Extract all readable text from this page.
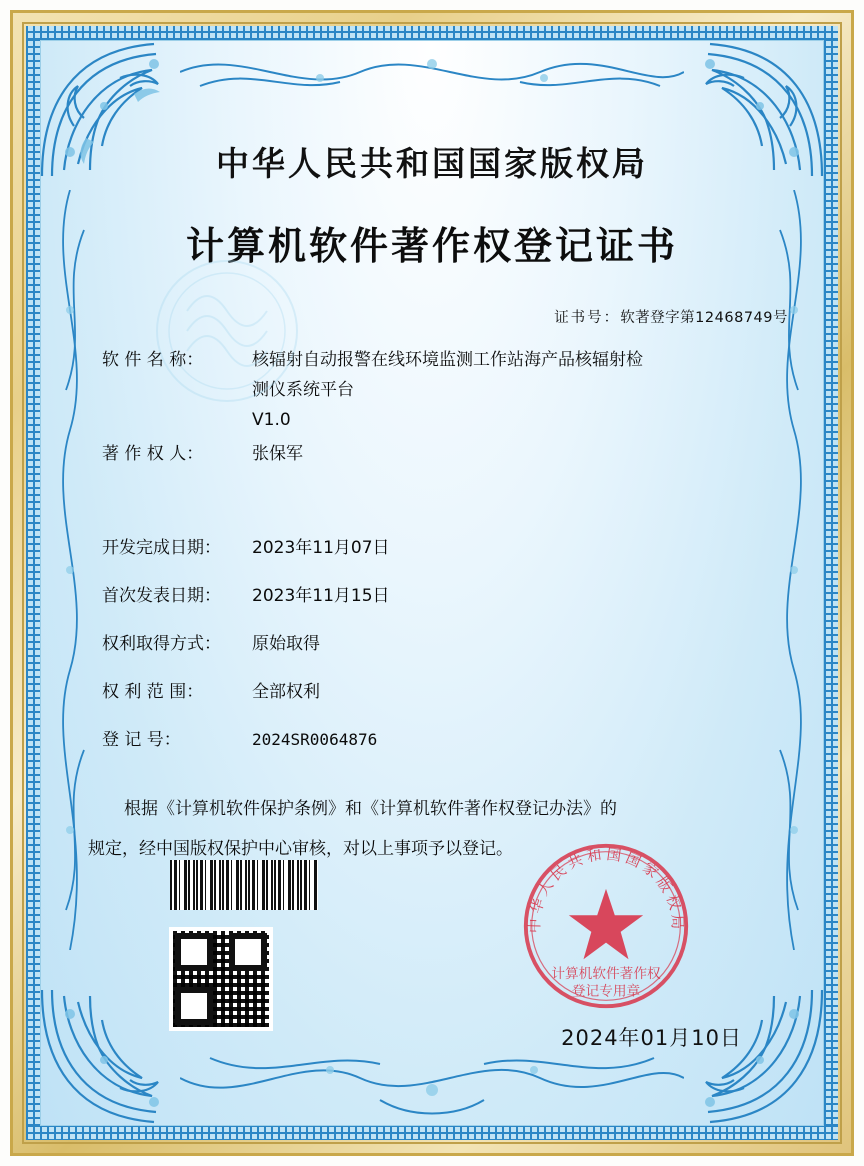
中华人民共和国国家版权局
计算机软件著作权登记证书
证书号：软著登字第12468749号
软 件 名 称：	核辐射自动报警在线环境监测工作站海产品核辐射检
测仪系统平台
V1.0
著 作 权 人：	张保军
开发完成日期：	2023年11月07日
首次发表日期：	2023年11月15日
权利取得方式：	原始取得
权 利 范 围：	全部权利
登 记 号：	2024SR0064876
根据《计算机软件保护条例》和《计算机软件著作权登记办法》的
规定，经中国版权保护中心审核，对以上事项予以登记。
中华人民共和国国家版权局
计算机软件著作权
登记专用章
2024年01月10日
